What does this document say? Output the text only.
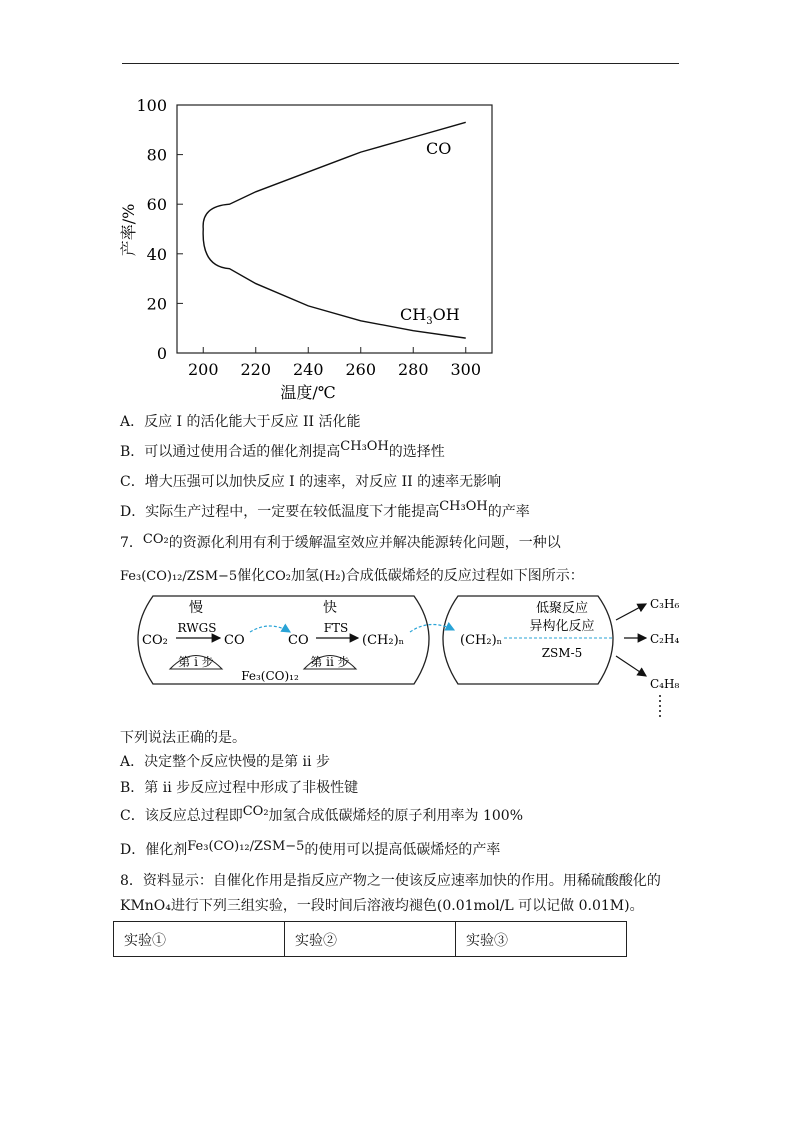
0
20
40
60
80
100
200 220 240 260 280 300
CO
$CH_3OH$
温度/℃
产率/%
A．反应 I 的活化能大于反应 II 活化能
B．可以通过使用合适的催化剂提高CH₃OH的选择性
C．增大压强可以加快反应 I 的速率，对反应 II 的速率无影响
D．实际生产过程中，一定要在较低温度下才能提高CH₃OH的产率
7．CO₂的资源化利用有利于缓解温室效应并解决能源转化问题，一种以
Fe₃(CO)₁₂/ZSM−5催化CO₂加氢(H₂)合成低碳烯烃的反应过程如下图所示：
慢	快
CO₂
RWGS
CO	CO
FTS
(CH₂)ₙ
第 i 步	第 ii 步
Fe₃(CO)₁₂
(CH₂)ₙ
低聚反应
异构化反应
ZSM-5
C₃H₆
C₂H₄
C₄H₈
下列说法正确的是。
A．决定整个反应快慢的是第 ii 步
B．第 ii 步反应过程中形成了非极性键
C．该反应总过程即CO₂加氢合成低碳烯烃的原子利用率为 100%
D．催化剂Fe₃(CO)₁₂/ZSM−5的使用可以提高低碳烯烃的产率
8．资料显示：自催化作用是指反应产物之一使该反应速率加快的作用。用稀硫酸酸化的
KMnO₄进行下列三组实验，一段时间后溶液均褪色(0.01mol/L 可以记做 0.01M)。
实验①	实验②	实验③
